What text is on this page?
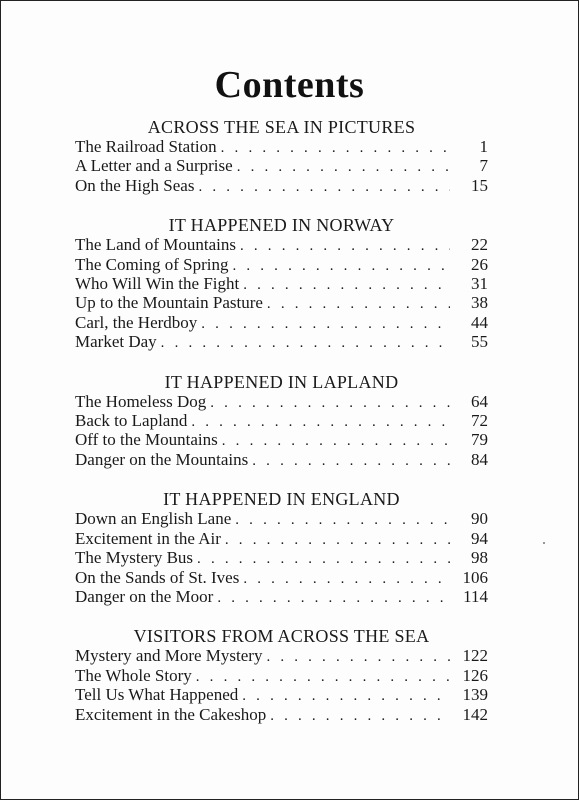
Contents
ACROSS THE SEA IN PICTURES
The Railroad Station . . .	1
A Letter and a Surprise . . .	7
On the High Seas . . .	15
IT HAPPENED IN NORWAY
The Land of Mountains . . .	22
The Coming of Spring . . .	26
Who Will Win the Fight . . .	31
Up to the Mountain Pasture . . .	38
Carl, the Herdboy . . .	44
Market Day . . .	55
IT HAPPENED IN LAPLAND
The Homeless Dog . . .	64
Back to Lapland . . .	72
Off to the Mountains . . .	79
Danger on the Mountains . . .	84
IT HAPPENED IN ENGLAND
Down an English Lane . . .	90
Excitement in the Air . . .	94
The Mystery Bus . . .	98
On the Sands of St. Ives . . .	106
Danger on the Moor . . .	114
VISITORS FROM ACROSS THE SEA
Mystery and More Mystery . . .	122
The Whole Story . . .	126
Tell Us What Happened . . .	139
Excitement in the Cakeshop . . .	142
